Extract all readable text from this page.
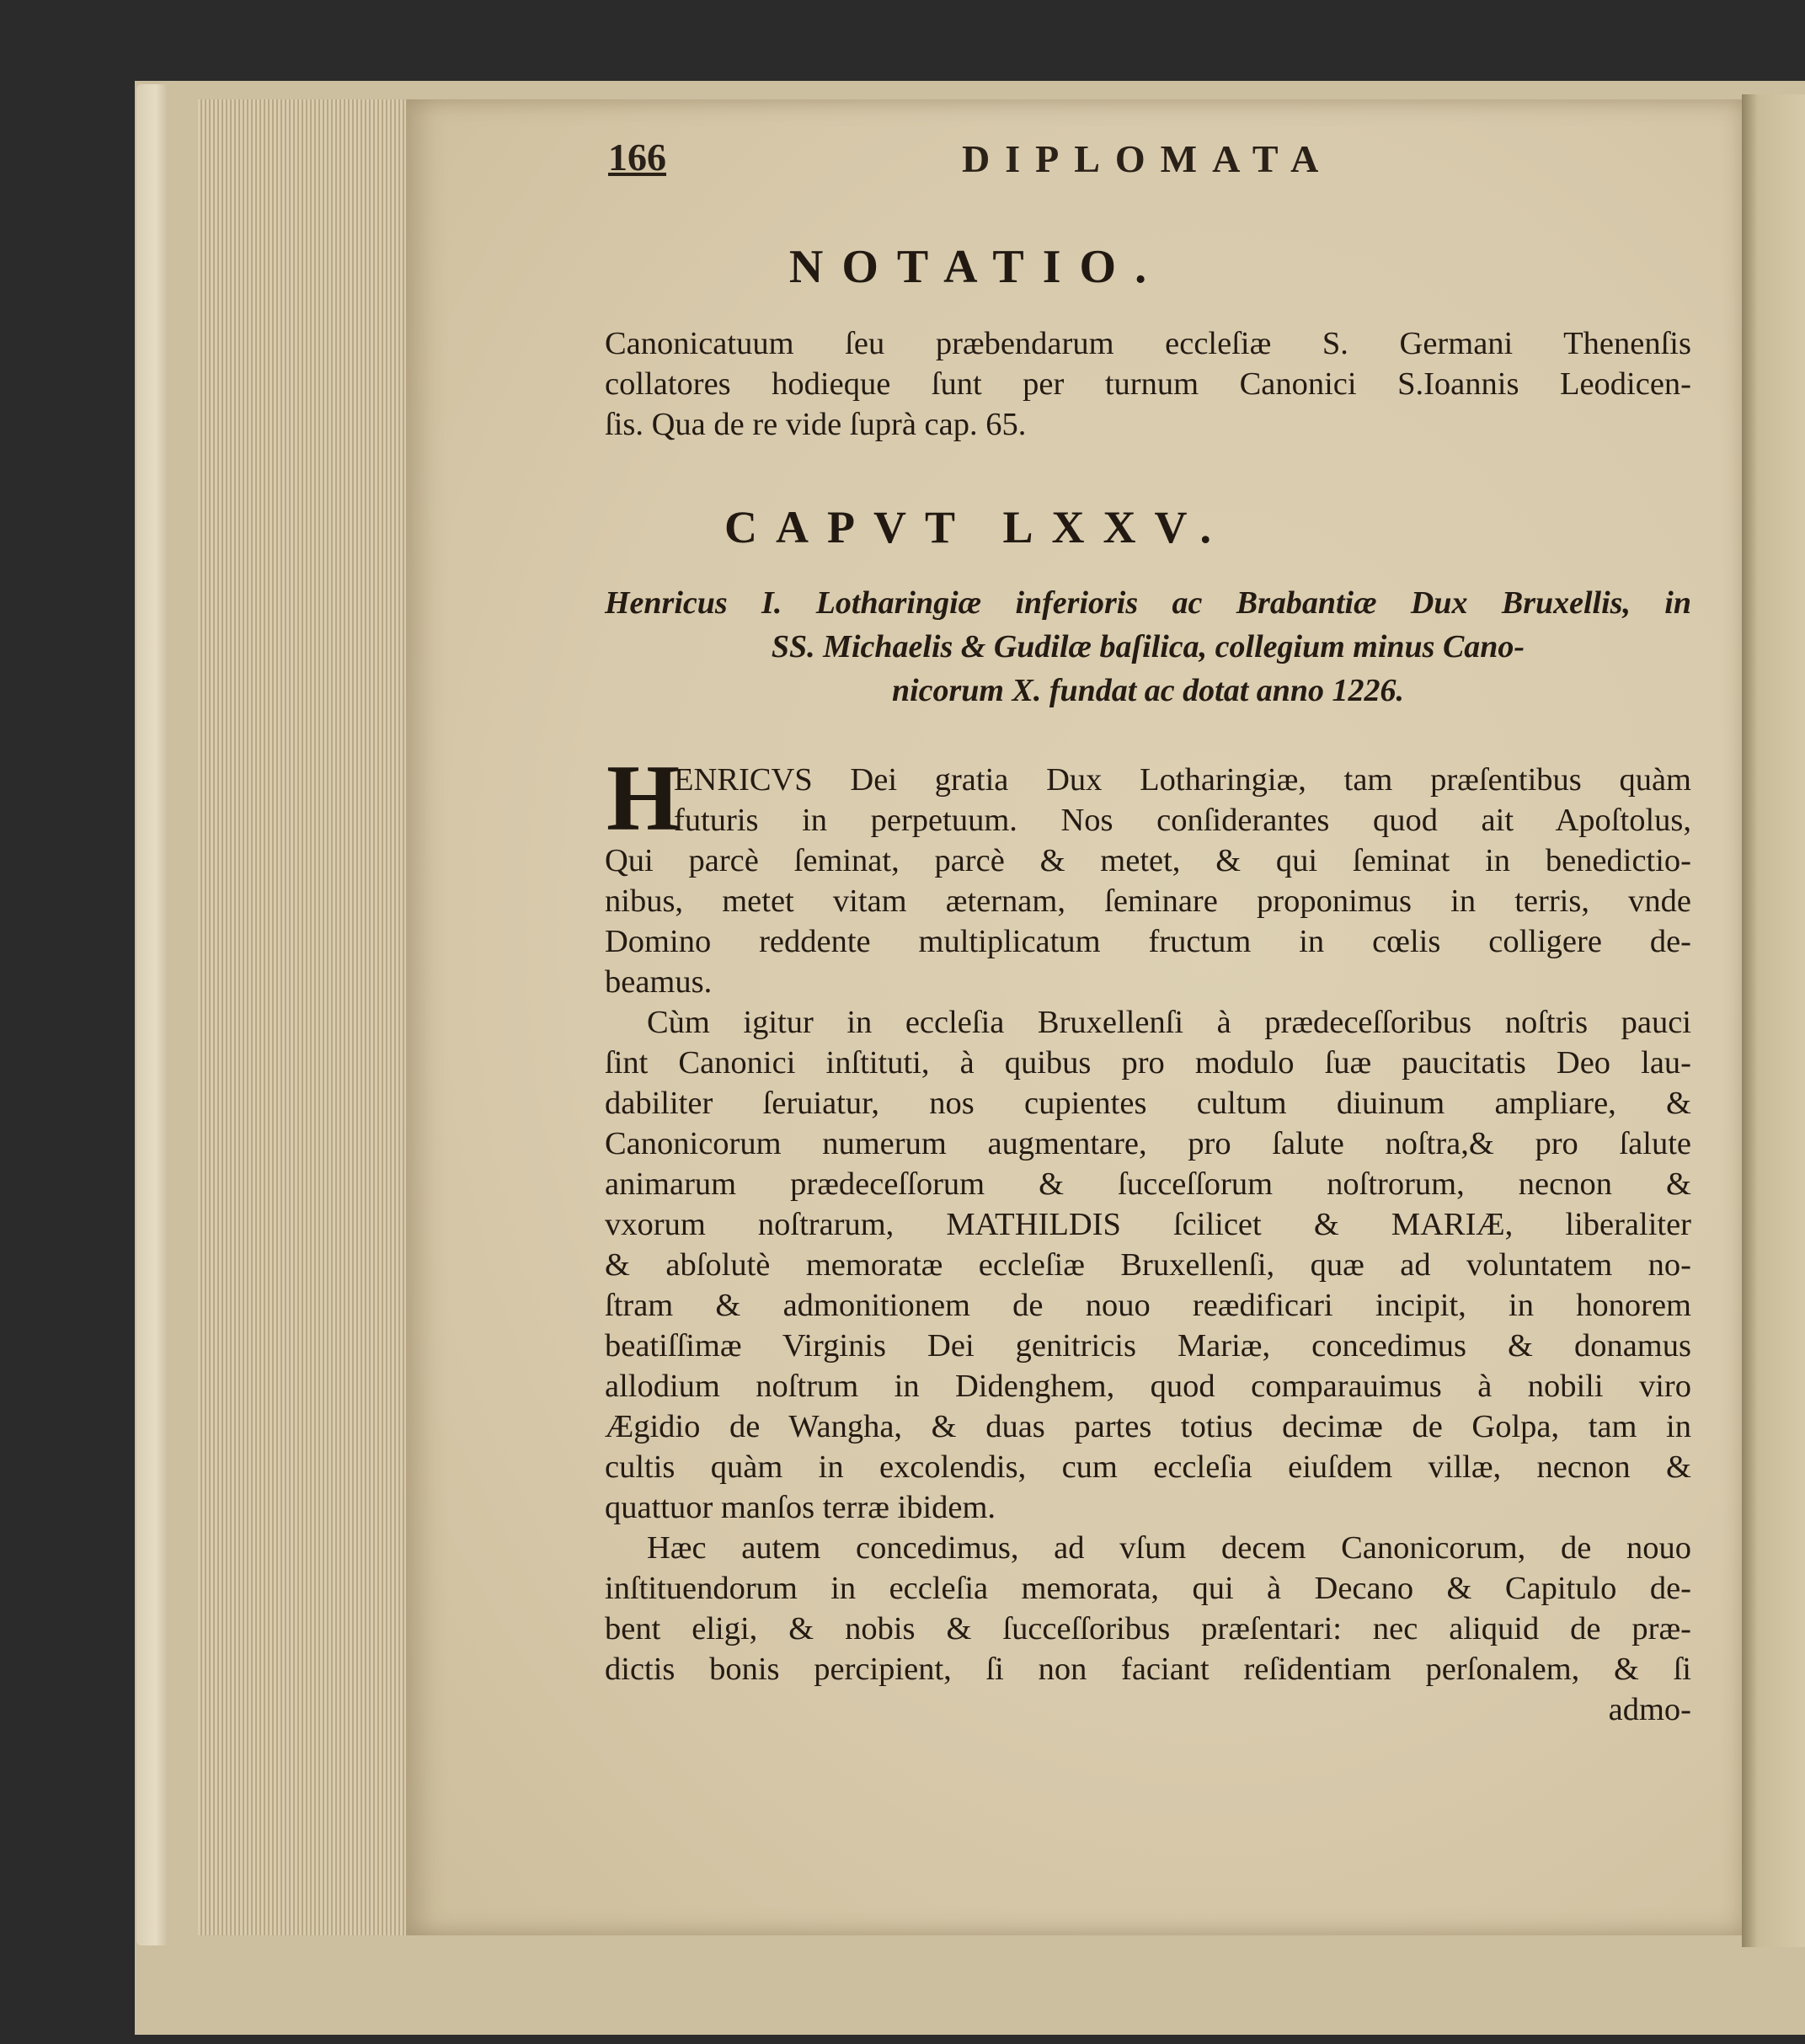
166	DIPLOMATA
NOTATIO.
Canonicatuum ſeu præbendarum eccleſiæ S. Germani Thenenſis
collatores hodieque ſunt per turnum Canonici S.Ioannis Leodicen-
ſis. Qua de re vide ſuprà cap. 65.
CAPVT LXXV.
Henricus I. Lotharingiæ inferioris ac Brabantiæ Dux Bruxellis, in
SS. Michaelis & Gudilæ baſilica, collegium minus Cano-
nicorum X. fundat ac dotat anno 1226.
H
ENRICVS Dei gratia Dux Lotharingiæ, tam præſentibus quàm
futuris in perpetuum. Nos conſiderantes quod ait Apoſtolus,
Qui parcè ſeminat, parcè & metet, & qui ſeminat in benedictio-
nibus, metet vitam æternam, ſeminare proponimus in terris, vnde
Domino reddente multiplicatum fructum in cœlis colligere de-
beamus.
Cùm igitur in eccleſia Bruxellenſi à prædeceſſoribus noſtris pauci
ſint Canonici inſtituti, à quibus pro modulo ſuæ paucitatis Deo lau-
dabiliter ſeruiatur, nos cupientes cultum diuinum ampliare, &
Canonicorum numerum augmentare, pro ſalute noſtra,& pro ſalute
animarum prædeceſſorum & ſucceſſorum noſtrorum, necnon &
vxorum noſtrarum, MATHILDIS ſcilicet & MARIÆ, liberaliter
& abſolutè memoratæ eccleſiæ Bruxellenſi, quæ ad voluntatem no-
ſtram & admonitionem de nouo reædificari incipit, in honorem
beatiſſimæ Virginis Dei genitricis Mariæ, concedimus & donamus
allodium noſtrum in Didenghem, quod comparauimus à nobili viro
Ægidio de Wangha, & duas partes totius decimæ de Golpa, tam in
cultis quàm in excolendis, cum eccleſia eiuſdem villæ, necnon &
quattuor manſos terræ ibidem.
Hæc autem concedimus, ad vſum decem Canonicorum, de nouo
inſtituendorum in eccleſia memorata, qui à Decano & Capitulo de-
bent eligi, & nobis & ſucceſſoribus præſentari: nec aliquid de præ-
dictis bonis percipient, ſi non faciant reſidentiam perſonalem, & ſi
admo-
